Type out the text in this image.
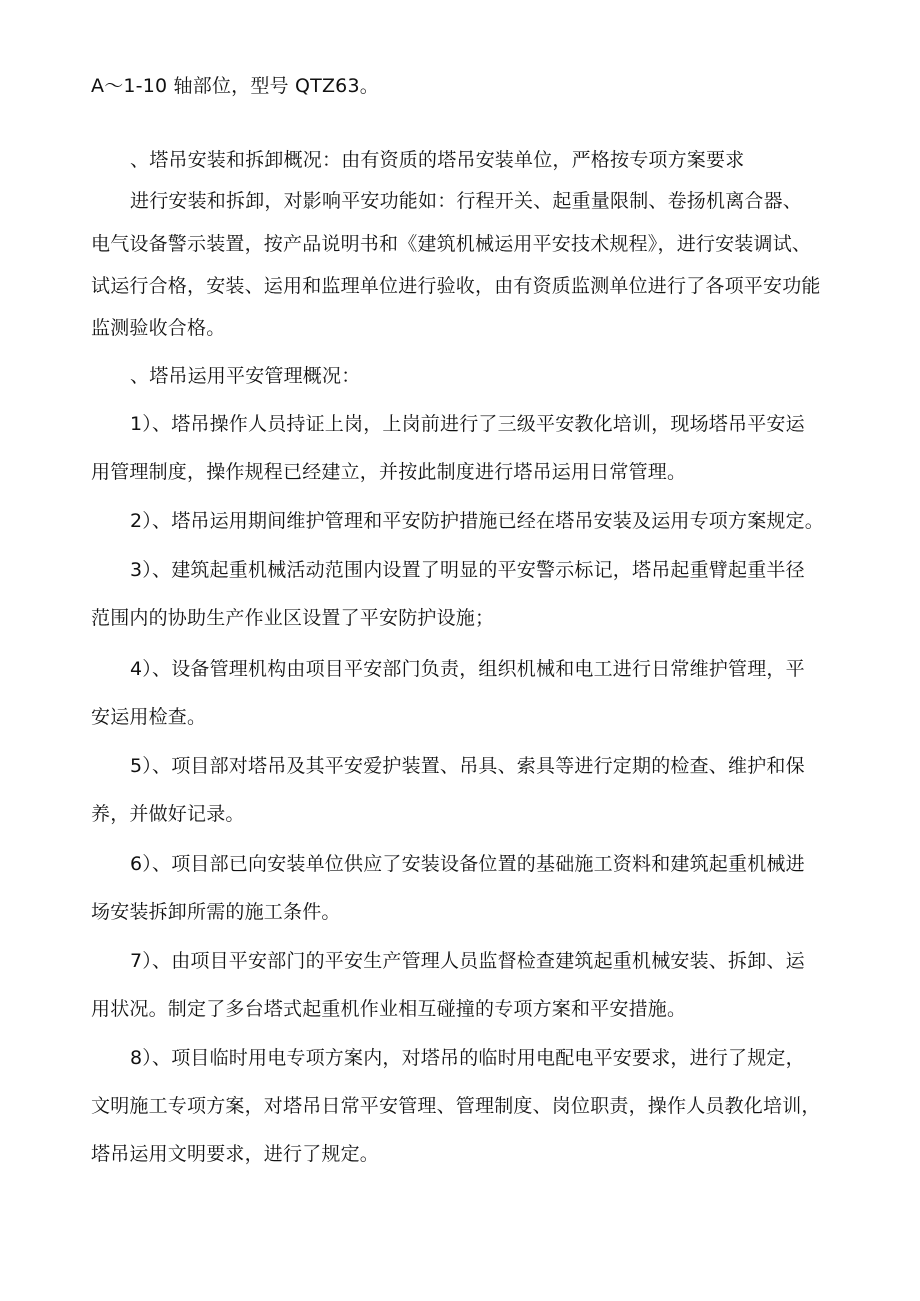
A～1-10 轴部位，型号 QTZ63。
、塔吊安装和拆卸概况：由有资质的塔吊安装单位，严格按专项方案要求
进行安装和拆卸，对影响平安功能如：行程开关、起重量限制、卷扬机离合器、
电气设备警示装置，按产品说明书和《建筑机械运用平安技术规程》，进行安装调试、
试运行合格，安装、运用和监理单位进行验收，由有资质监测单位进行了各项平安功能
监测验收合格。
、塔吊运用平安管理概况：
1）、塔吊操作人员持证上岗，上岗前进行了三级平安教化培训，现场塔吊平安运
用管理制度，操作规程已经建立，并按此制度进行塔吊运用日常管理。
2）、塔吊运用期间维护管理和平安防护措施已经在塔吊安装及运用专项方案规定。
3）、建筑起重机械活动范围内设置了明显的平安警示标记，塔吊起重臂起重半径
范围内的协助生产作业区设置了平安防护设施；
4）、设备管理机构由项目平安部门负责，组织机械和电工进行日常维护管理，平
安运用检查。
5）、项目部对塔吊及其平安爱护装置、吊具、索具等进行定期的检查、维护和保
养，并做好记录。
6）、项目部已向安装单位供应了安装设备位置的基础施工资料和建筑起重机械进
场安装拆卸所需的施工条件。
7）、由项目平安部门的平安生产管理人员监督检查建筑起重机械安装、拆卸、运
用状况。制定了多台塔式起重机作业相互碰撞的专项方案和平安措施。
8）、项目临时用电专项方案内，对塔吊的临时用电配电平安要求，进行了规定，
文明施工专项方案，对塔吊日常平安管理、管理制度、岗位职责，操作人员教化培训，
塔吊运用文明要求，进行了规定。
